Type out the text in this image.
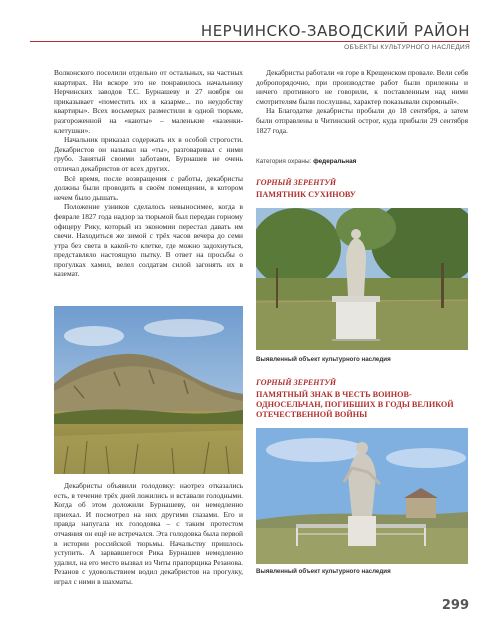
НЕРЧИНСКО-ЗАВОДСКИЙ РАЙОН
ОБЪЕКТЫ КУЛЬТУРНОГО НАСЛЕДИЯ

Волконского поселили отдельно от остальных, на частных квартирах. Ни вскоре это не понравилось начальнику Нерчинских заводов Т.С. Бурнашеву и 27 ноября он приказывает «поместить их в казарме... по неудобству квартиры». Всех восьмерых разместили в одной тюрьме, разгороженной на «каюты» – маленькие «казенки-клетушки».

Начальник приказал содержать их в особой строгости. Декабристов он называл на «ты», разговаривал с ними грубо. Занятый своими заботами, Бурнашев не очень отличал декабристов от всех других.

Всё время, после возвращения с работы, декабристы должны были проводить в своём помещении, в котором нечем было дышать.

Положение узников сделалось невыносимее, когда в феврале 1827 года надзор за тюрьмой был передан горному офицеру Рику, который из экономии перестал давать им свечи. Находиться же зимой с трёх часов вечера до семи утра без света в какой-то клетке, где можно задохнуться, представляло настоящую пытку. В ответ на просьбы о прогулках хамил, велел солдатам силой загонять их в каземат.

Декабристы объявили голодовку: наотрез отказались есть, в течение трёх дней ложились и вставали голодными. Когда об этом доложили Бурнашеву, он немедленно приехал. И посмотрел на них другими глазами. Его и правда напугала их голодовка – с таким протестом отчаяния он ещё не встречался. Эта голодовка была первой в истории российской тюрьмы. Начальству пришлось уступить. А зарвавшегося Рика Бурнашев немедленно удалил, на его место вызвал из Читы прапорщика Резанова. Резанов с удовольствием водил декабристов на прогулку, играл с ними в шахматы.

Декабристы работали «в горе в Крещенском провале. Вели себя добропорядочно, при производстве работ были прилежны и ничего противного не говорили, к поставленным над ними смотрителям были послушны, характер показывали скромный».

На Благодатке декабристы пробыли до 18 сентября, а затем были отправлены в Читинский острог, куда прибыли 29 сентября 1827 года.

Категория охраны: федеральная
ГОРНЫЙ ЗЕРЕНТУЙ
ПАМЯТНИК СУХИНОВУ
Выявленный объект культурного наследия
ГОРНЫЙ ЗЕРЕНТУЙ
ПАМЯТНЫЙ ЗНАК В ЧЕСТЬ ВОИНОВ-ОДНОСЕЛЬЧАН, ПОГИБШИХ В ГОДЫ ВЕЛИКОЙ ОТЕЧЕСТВЕННОЙ ВОЙНЫ
Выявленный объект культурного наследия
299
